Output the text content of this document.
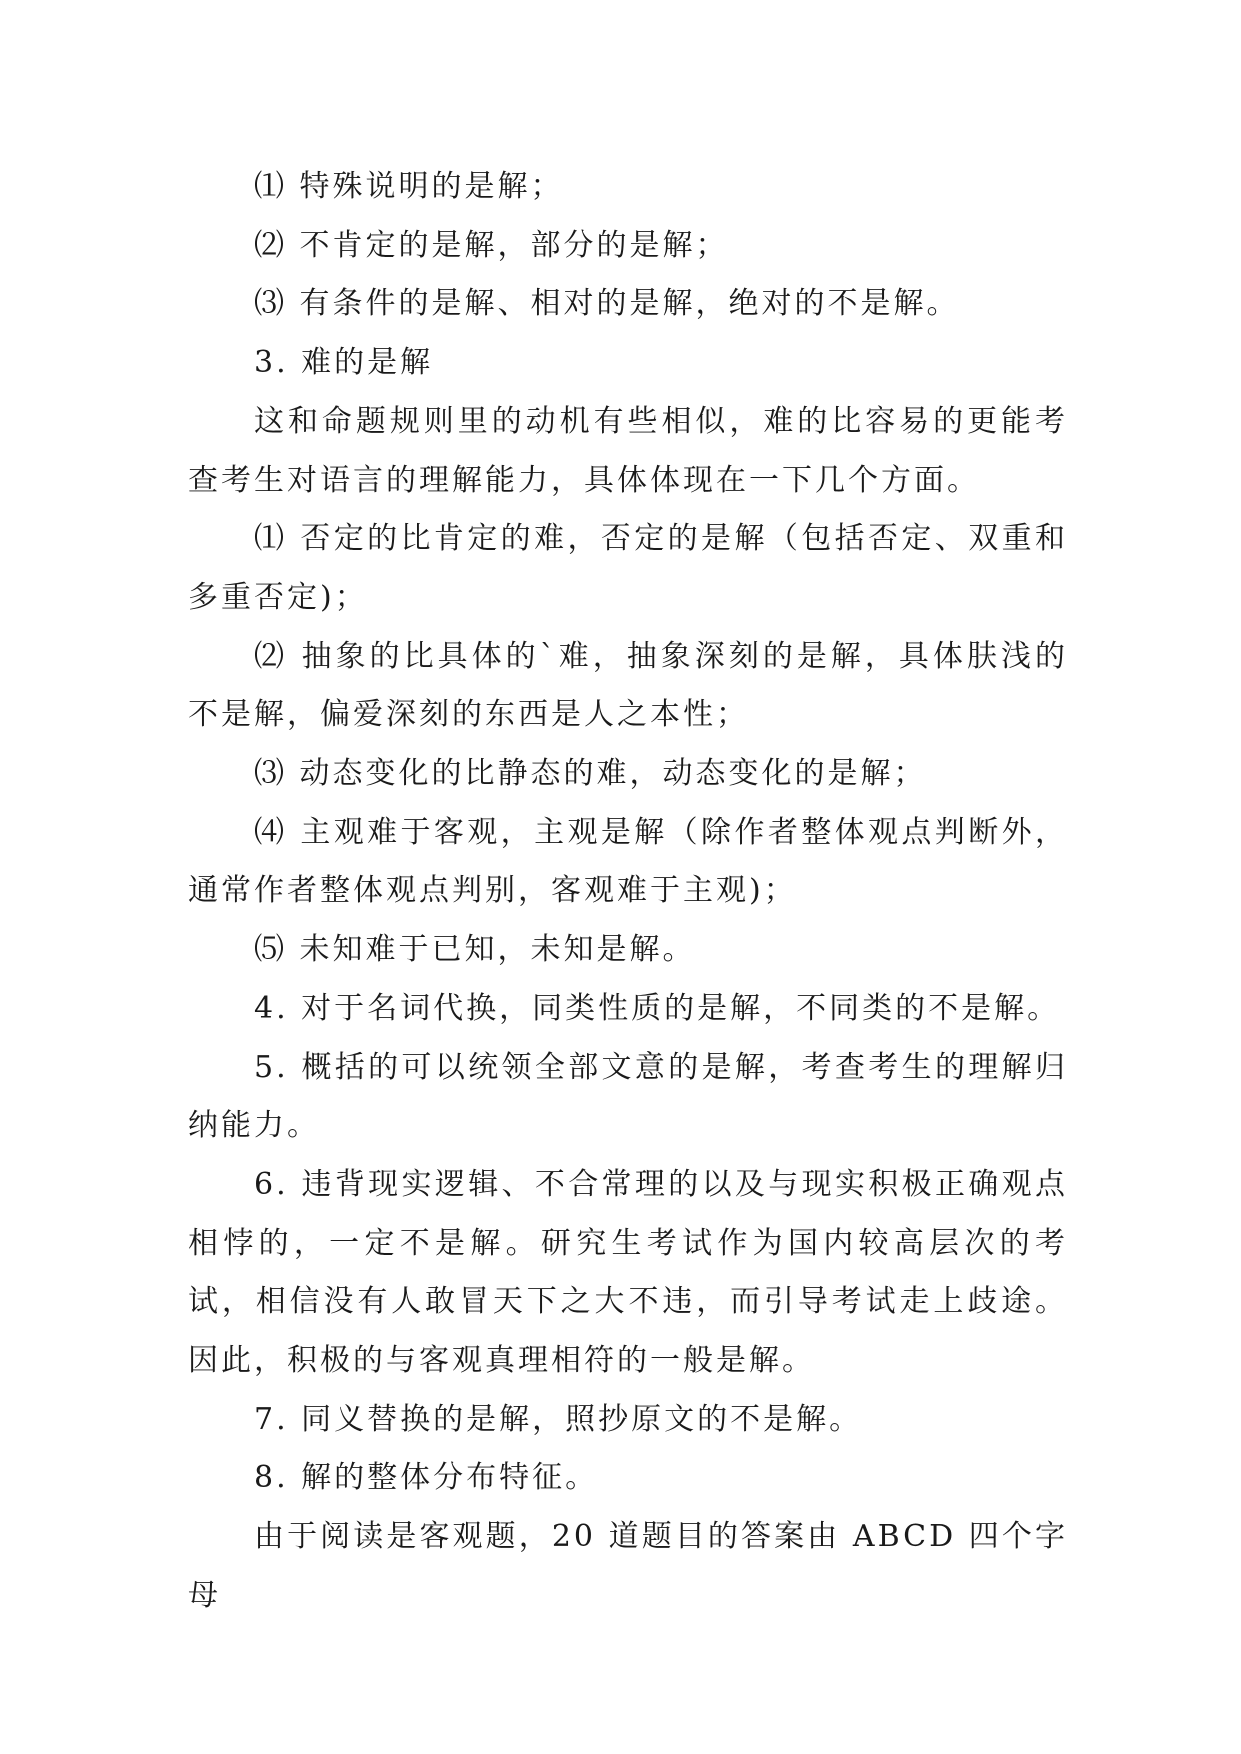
⑴ 特殊说明的是解；

⑵ 不肯定的是解，部分的是解；

⑶ 有条件的是解、相对的是解，绝对的不是解。

3. 难的是解

这和命题规则里的动机有些相似，难的比容易的更能考查考生对语言的理解能力，具体体现在一下几个方面。

⑴ 否定的比肯定的难，否定的是解（包括否定、双重和多重否定)；

⑵ 抽象的比具体的`难，抽象深刻的是解，具体肤浅的不是解，偏爱深刻的东西是人之本性；

⑶ 动态变化的比静态的难，动态变化的是解；

⑷ 主观难于客观，主观是解（除作者整体观点判断外，通常作者整体观点判别，客观难于主观)；

⑸ 未知难于已知，未知是解。

4. 对于名词代换，同类性质的是解，不同类的不是解。

5. 概括的可以统领全部文意的是解，考查考生的理解归纳能力。

6. 违背现实逻辑、不合常理的以及与现实积极正确观点相悖的，一定不是解。研究生考试作为国内较高层次的考试，相信没有人敢冒天下之大不违，而引导考试走上歧途。因此，积极的与客观真理相符的一般是解。

7. 同义替换的是解，照抄原文的不是解。

8. 解的整体分布特征。

由于阅读是客观题，20 道题目的答案由 ABCD 四个字母
